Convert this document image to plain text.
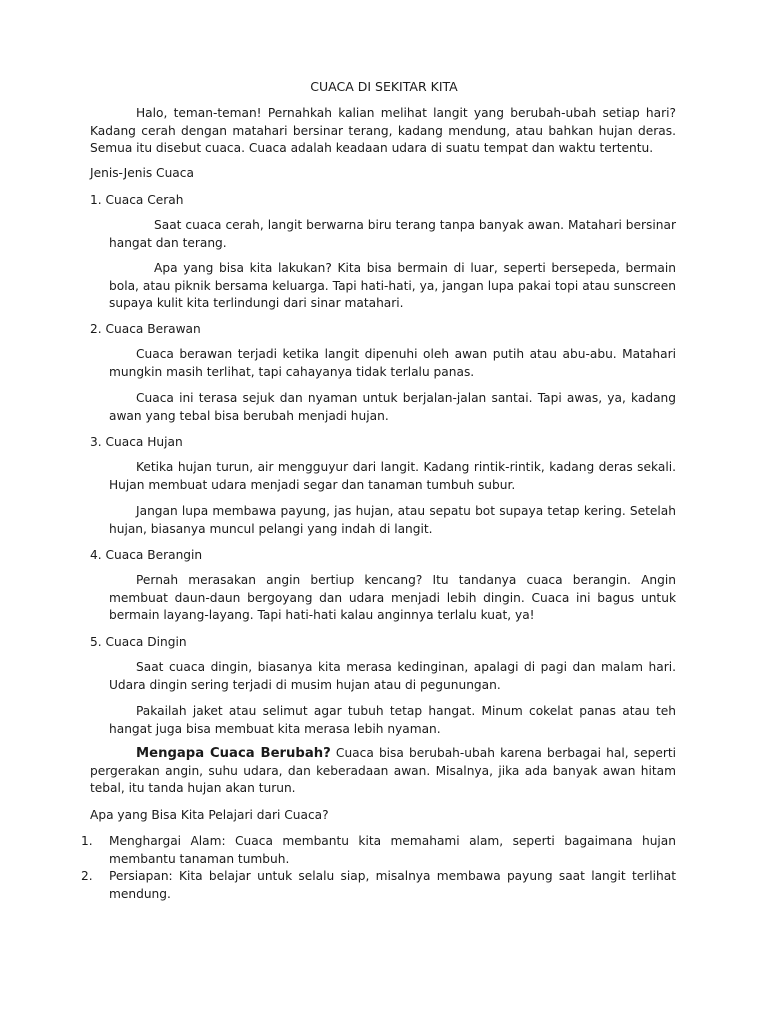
CUACA DI SEKITAR KITA

Halo, teman-teman! Pernahkah kalian melihat langit yang berubah-ubah setiap hari? Kadang cerah dengan matahari bersinar terang, kadang mendung, atau bahkan hujan deras. Semua itu disebut cuaca. Cuaca adalah keadaan udara di suatu tempat dan waktu tertentu.

Jenis-Jenis Cuaca
1. Cuaca Cerah

Saat cuaca cerah, langit berwarna biru terang tanpa banyak awan. Matahari bersinar hangat dan terang.

Apa yang bisa kita lakukan? Kita bisa bermain di luar, seperti bersepeda, bermain bola, atau piknik bersama keluarga. Tapi hati-hati, ya, jangan lupa pakai topi atau sunscreen supaya kulit kita terlindungi dari sinar matahari.

2. Cuaca Berawan

Cuaca berawan terjadi ketika langit dipenuhi oleh awan putih atau abu-abu. Matahari mungkin masih terlihat, tapi cahayanya tidak terlalu panas.

Cuaca ini terasa sejuk dan nyaman untuk berjalan-jalan santai. Tapi awas, ya, kadang awan yang tebal bisa berubah menjadi hujan.

3. Cuaca Hujan

Ketika hujan turun, air mengguyur dari langit. Kadang rintik-rintik, kadang deras sekali. Hujan membuat udara menjadi segar dan tanaman tumbuh subur.

Jangan lupa membawa payung, jas hujan, atau sepatu bot supaya tetap kering. Setelah hujan, biasanya muncul pelangi yang indah di langit.

4. Cuaca Berangin

Pernah merasakan angin bertiup kencang? Itu tandanya cuaca berangin. Angin membuat daun-daun bergoyang dan udara menjadi lebih dingin. Cuaca ini bagus untuk bermain layang-layang. Tapi hati-hati kalau anginnya terlalu kuat, ya!

5. Cuaca Dingin

Saat cuaca dingin, biasanya kita merasa kedinginan, apalagi di pagi dan malam hari. Udara dingin sering terjadi di musim hujan atau di pegunungan.

Pakailah jaket atau selimut agar tubuh tetap hangat. Minum cokelat panas atau teh hangat juga bisa membuat kita merasa lebih nyaman.

Mengapa Cuaca Berubah? Cuaca bisa berubah-ubah karena berbagai hal, seperti pergerakan angin, suhu udara, dan keberadaan awan. Misalnya, jika ada banyak awan hitam tebal, itu tanda hujan akan turun.

Apa yang Bisa Kita Pelajari dari Cuaca?
1. Menghargai Alam: Cuaca membantu kita memahami alam, seperti bagaimana hujan membantu tanaman tumbuh.
2. Persiapan: Kita belajar untuk selalu siap, misalnya membawa payung saat langit terlihat mendung.
